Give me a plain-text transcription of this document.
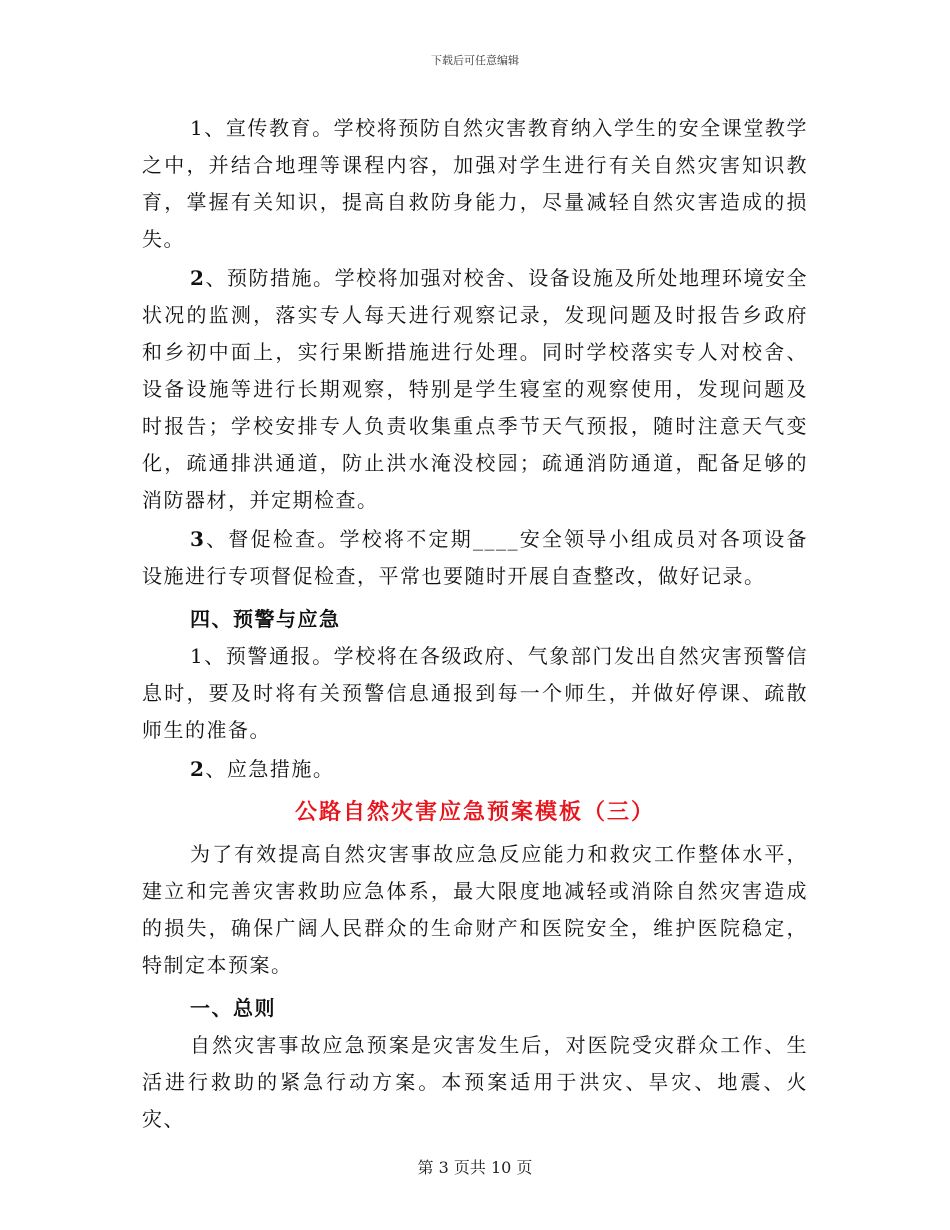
下载后可任意编辑

1、宣传教育。学校将预防自然灾害教育纳入学生的安全课堂教学之中，并结合地理等课程内容，加强对学生进行有关自然灾害知识教育，掌握有关知识，提高自救防身能力，尽量减轻自然灾害造成的损失。

2、预防措施。学校将加强对校舍、设备设施及所处地理环境安全状况的监测，落实专人每天进行观察记录，发现问题及时报告乡政府和乡初中面上，实行果断措施进行处理。同时学校落实专人对校舍、设备设施等进行长期观察，特别是学生寝室的观察使用，发现问题及时报告；学校安排专人负责收集重点季节天气预报，随时注意天气变化，疏通排洪通道，防止洪水淹没校园；疏通消防通道，配备足够的消防器材，并定期检查。

3、督促检查。学校将不定期____安全领导小组成员对各项设备设施进行专项督促检查，平常也要随时开展自查整改，做好记录。

四、预警与应急

1、预警通报。学校将在各级政府、气象部门发出自然灾害预警信息时，要及时将有关预警信息通报到每一个师生，并做好停课、疏散师生的准备。

2、应急措施。

公路自然灾害应急预案模板（三）

为了有效提高自然灾害事故应急反应能力和救灾工作整体水平，建立和完善灾害救助应急体系，最大限度地减轻或消除自然灾害造成的损失，确保广阔人民群众的生命财产和医院安全，维护医院稳定，特制定本预案。

一、总则

自然灾害事故应急预案是灾害发生后，对医院受灾群众工作、生活进行救助的紧急行动方案。本预案适用于洪灾、旱灾、地震、火灾、

第 3 页共 10 页
